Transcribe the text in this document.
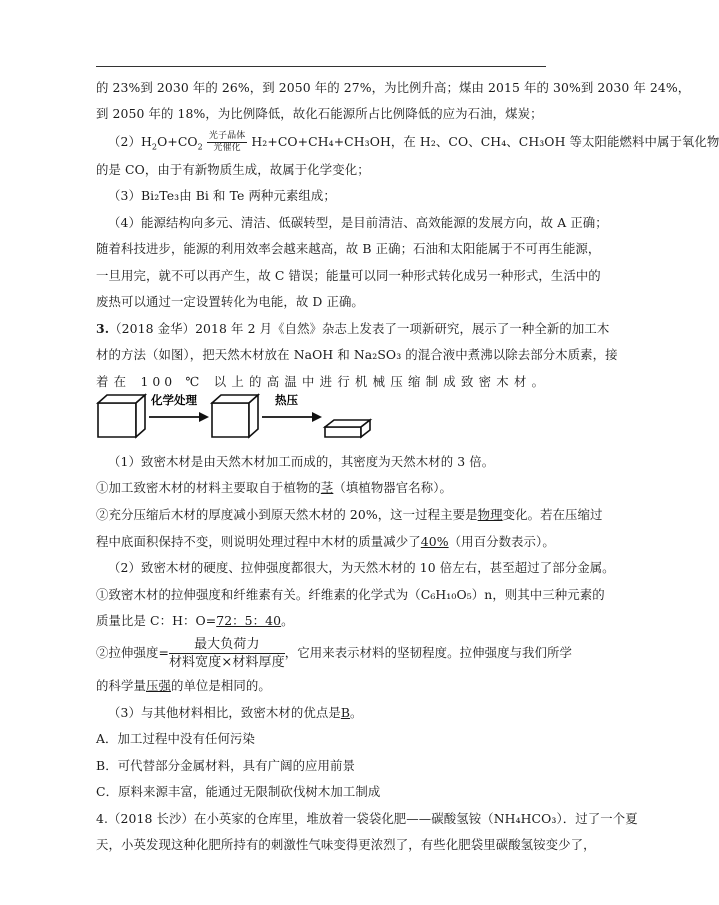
的 23%到 2030 年的 26%，到 2050 年的 27%，为比例升高；煤由 2015 年的 30%到 2030 年 24%，
到 2050 年的 18%，为比例降低，故化石能源所占比例降低的应为石油，煤炭；
$(2)H_2O+CO_2 \frac{\text{光子晶体}}{\text{光催化}} H_2+CO+CH_4+CH_3OH$，在 H₂、CO、CH₄、CH₃OH 等太阳能燃料中属于氧化物
的是 CO，由于有新物质生成，故属于化学变化；
（3）Bi₂Te₃由 Bi 和 Te 两种元素组成；
（4）能源结构向多元、清洁、低碳转型，是目前清洁、高效能源的发展方向，故 A 正确；
随着科技进步，能源的利用效率会越来越高，故 B 正确；石油和太阳能属于不可再生能源，
一旦用完，就不可以再产生，故 C 错误；能量可以同一种形式转化成另一种形式，生活中的
废热可以通过一定设置转化为电能，故 D 正确。
3.（2018 金华）2018 年 2 月《自然》杂志上发表了一项新研究，展示了一种全新的加工木
材的方法（如图），把天然木材放在 NaOH 和 Na₂SO₃ 的混合液中煮沸以除去部分木质素，接
着在 100 ℃ 以上的高温中进行机械压缩制成致密木材。
化学处理	热压
（1）致密木材是由天然木材加工而成的，其密度为天然木材的 3 倍。
①加工致密木材的材料主要取自于植物的茎（填植物器官名称）。
②充分压缩后木材的厚度减小到原天然木材的 20%，这一过程主要是物理变化。若在压缩过
程中底面积保持不变，则说明处理过程中木材的质量减少了40%（用百分数表示）。
（2）致密木材的硬度、拉伸强度都很大，为天然木材的 10 倍左右，甚至超过了部分金属。
①致密木材的拉伸强度和纤维素有关。纤维素的化学式为（C₆H₁₀O₅）n，则其中三种元素的
质量比是 C：H：O=72：5：40。
②拉伸强度=
最大负荷力
材料宽度×材料厚度
，它用来表示材料的坚韧程度。拉伸强度与我们所学
的科学量压强的单位是相同的。
（3）与其他材料相比，致密木材的优点是B。
A．加工过程中没有任何污染
B．可代替部分金属材料，具有广阔的应用前景
C．原料来源丰富，能通过无限制砍伐树木加工制成
4.（2018 长沙）在小英家的仓库里，堆放着一袋袋化肥——碳酸氢铵（NH₄HCO₃）．过了一个夏
天，小英发现这种化肥所持有的刺激性气味变得更浓烈了，有些化肥袋里碳酸氢铵变少了，
